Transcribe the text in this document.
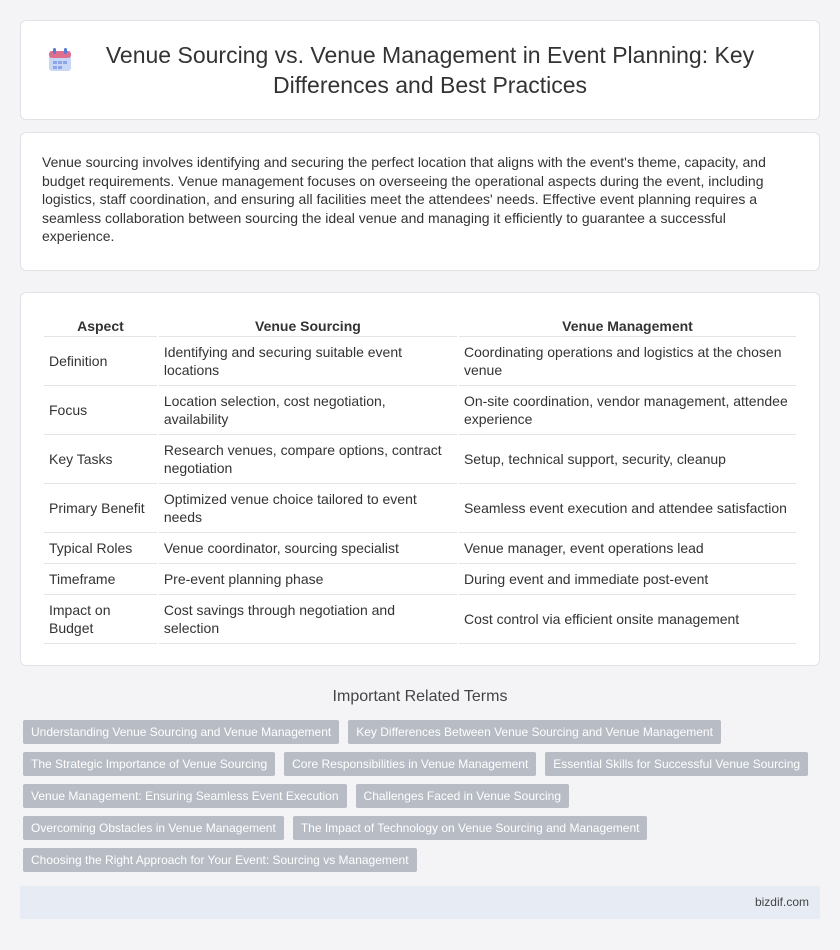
Venue Sourcing vs. Venue Management in Event Planning: Key Differences and Best Practices

Venue sourcing involves identifying and securing the perfect location that aligns with the event's theme, capacity, and budget requirements. Venue management focuses on overseeing the operational aspects during the event, including logistics, staff coordination, and ensuring all facilities meet the attendees' needs. Effective event planning requires a seamless collaboration between sourcing the ideal venue and managing it efficiently to guarantee a successful experience.

Aspect	Venue Sourcing	Venue Management
Definition	Identifying and securing suitable event locations	Coordinating operations and logistics at the chosen venue
Focus	Location selection, cost negotiation, availability	On-site coordination, vendor management, attendee experience
Key Tasks	Research venues, compare options, contract negotiation	Setup, technical support, security, cleanup
Primary Benefit	Optimized venue choice tailored to event needs	Seamless event execution and attendee satisfaction
Typical Roles	Venue coordinator, sourcing specialist	Venue manager, event operations lead
Timeframe	Pre-event planning phase	During event and immediate post-event
Impact on Budget	Cost savings through negotiation and selection	Cost control via efficient onsite management
Important Related Terms
Understanding Venue Sourcing and Venue Management	Key Differences Between Venue Sourcing and Venue Management
The Strategic Importance of Venue Sourcing	Core Responsibilities in Venue Management	Essential Skills for Successful Venue Sourcing
Venue Management: Ensuring Seamless Event Execution	Challenges Faced in Venue Sourcing
Overcoming Obstacles in Venue Management	The Impact of Technology on Venue Sourcing and Management
Choosing the Right Approach for Your Event: Sourcing vs Management
bizdif.com
